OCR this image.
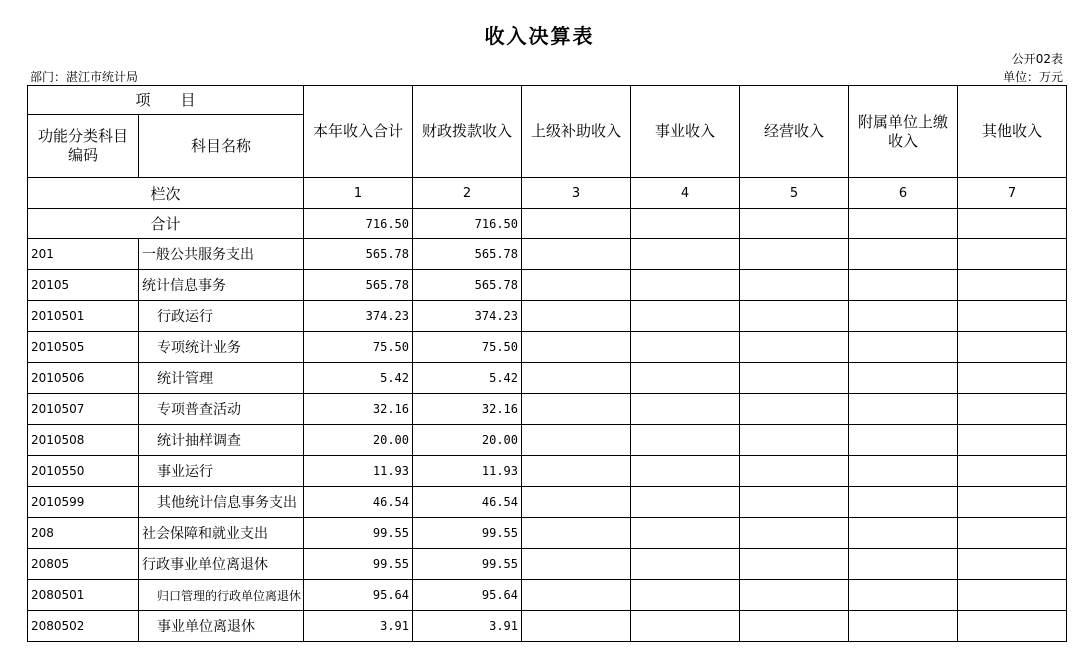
收入决算表
公开02表
部门：湛江市统计局	单位：万元
项　　目		本年收入合计	财政拨款收入	上级补助收入	事业收入	经营收入	附属单位上缴收入	其他收入
功能分类科目编码	科目名称							
栏次		1	2	3	4	5	6	7
合计		716.50	716.50					
201	一般公共服务支出	565.78	565.78					
20105	统计信息事务	565.78	565.78					
2010501	行政运行	374.23	374.23					
2010505	专项统计业务	75.50	75.50					
2010506	统计管理	5.42	5.42					
2010507	专项普查活动	32.16	32.16					
2010508	统计抽样调查	20.00	20.00					
2010550	事业运行	11.93	11.93					
2010599	其他统计信息事务支出	46.54	46.54					
208	社会保障和就业支出	99.55	99.55					
20805	行政事业单位离退休	99.55	99.55					
2080501	归口管理的行政单位离退休	95.64	95.64					
2080502	事业单位离退休	3.91	3.91					
